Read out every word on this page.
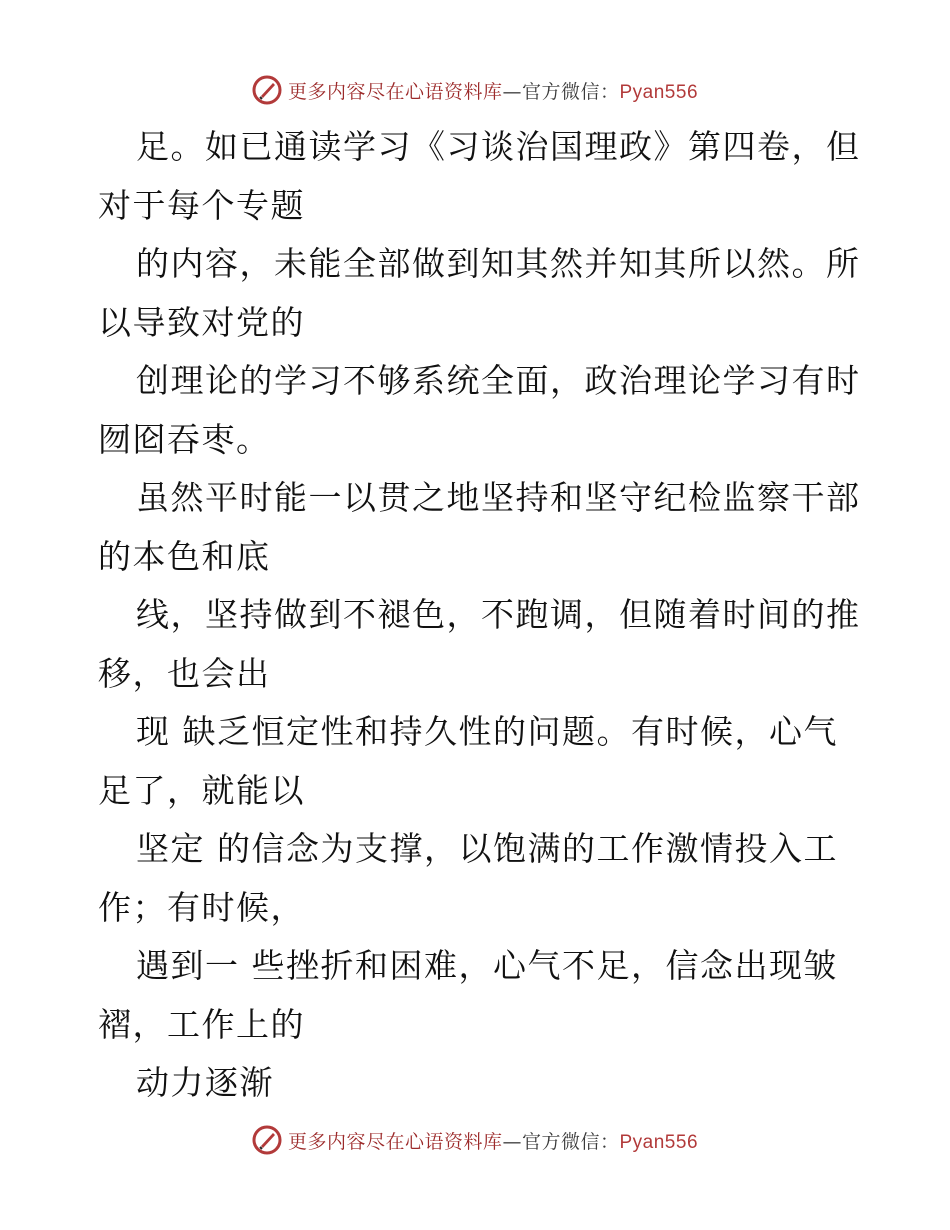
更多内容尽在心语资料库—官方微信：Pyan556
足。如已通读学习《习谈治国理政》第四卷，但
对于每个专题
的内容，未能全部做到知其然并知其所以然。所
以导致对党的
创理论的学习不够系统全面，政治理论学习有时
囫囵吞枣。
虽然平时能一以贯之地坚持和坚守纪检监察干部
的本色和底
线，坚持做到不褪色，不跑调，但随着时间的推
移，也会出
现 缺乏恒定性和持久性的问题。有时候，心气
足了，就能以
坚定 的信念为支撑，以饱满的工作激情投入工
作；有时候，
遇到一 些挫折和困难，心气不足，信念出现皱
褶，工作上的
动力逐渐
更多内容尽在心语资料库—官方微信：Pyan556
